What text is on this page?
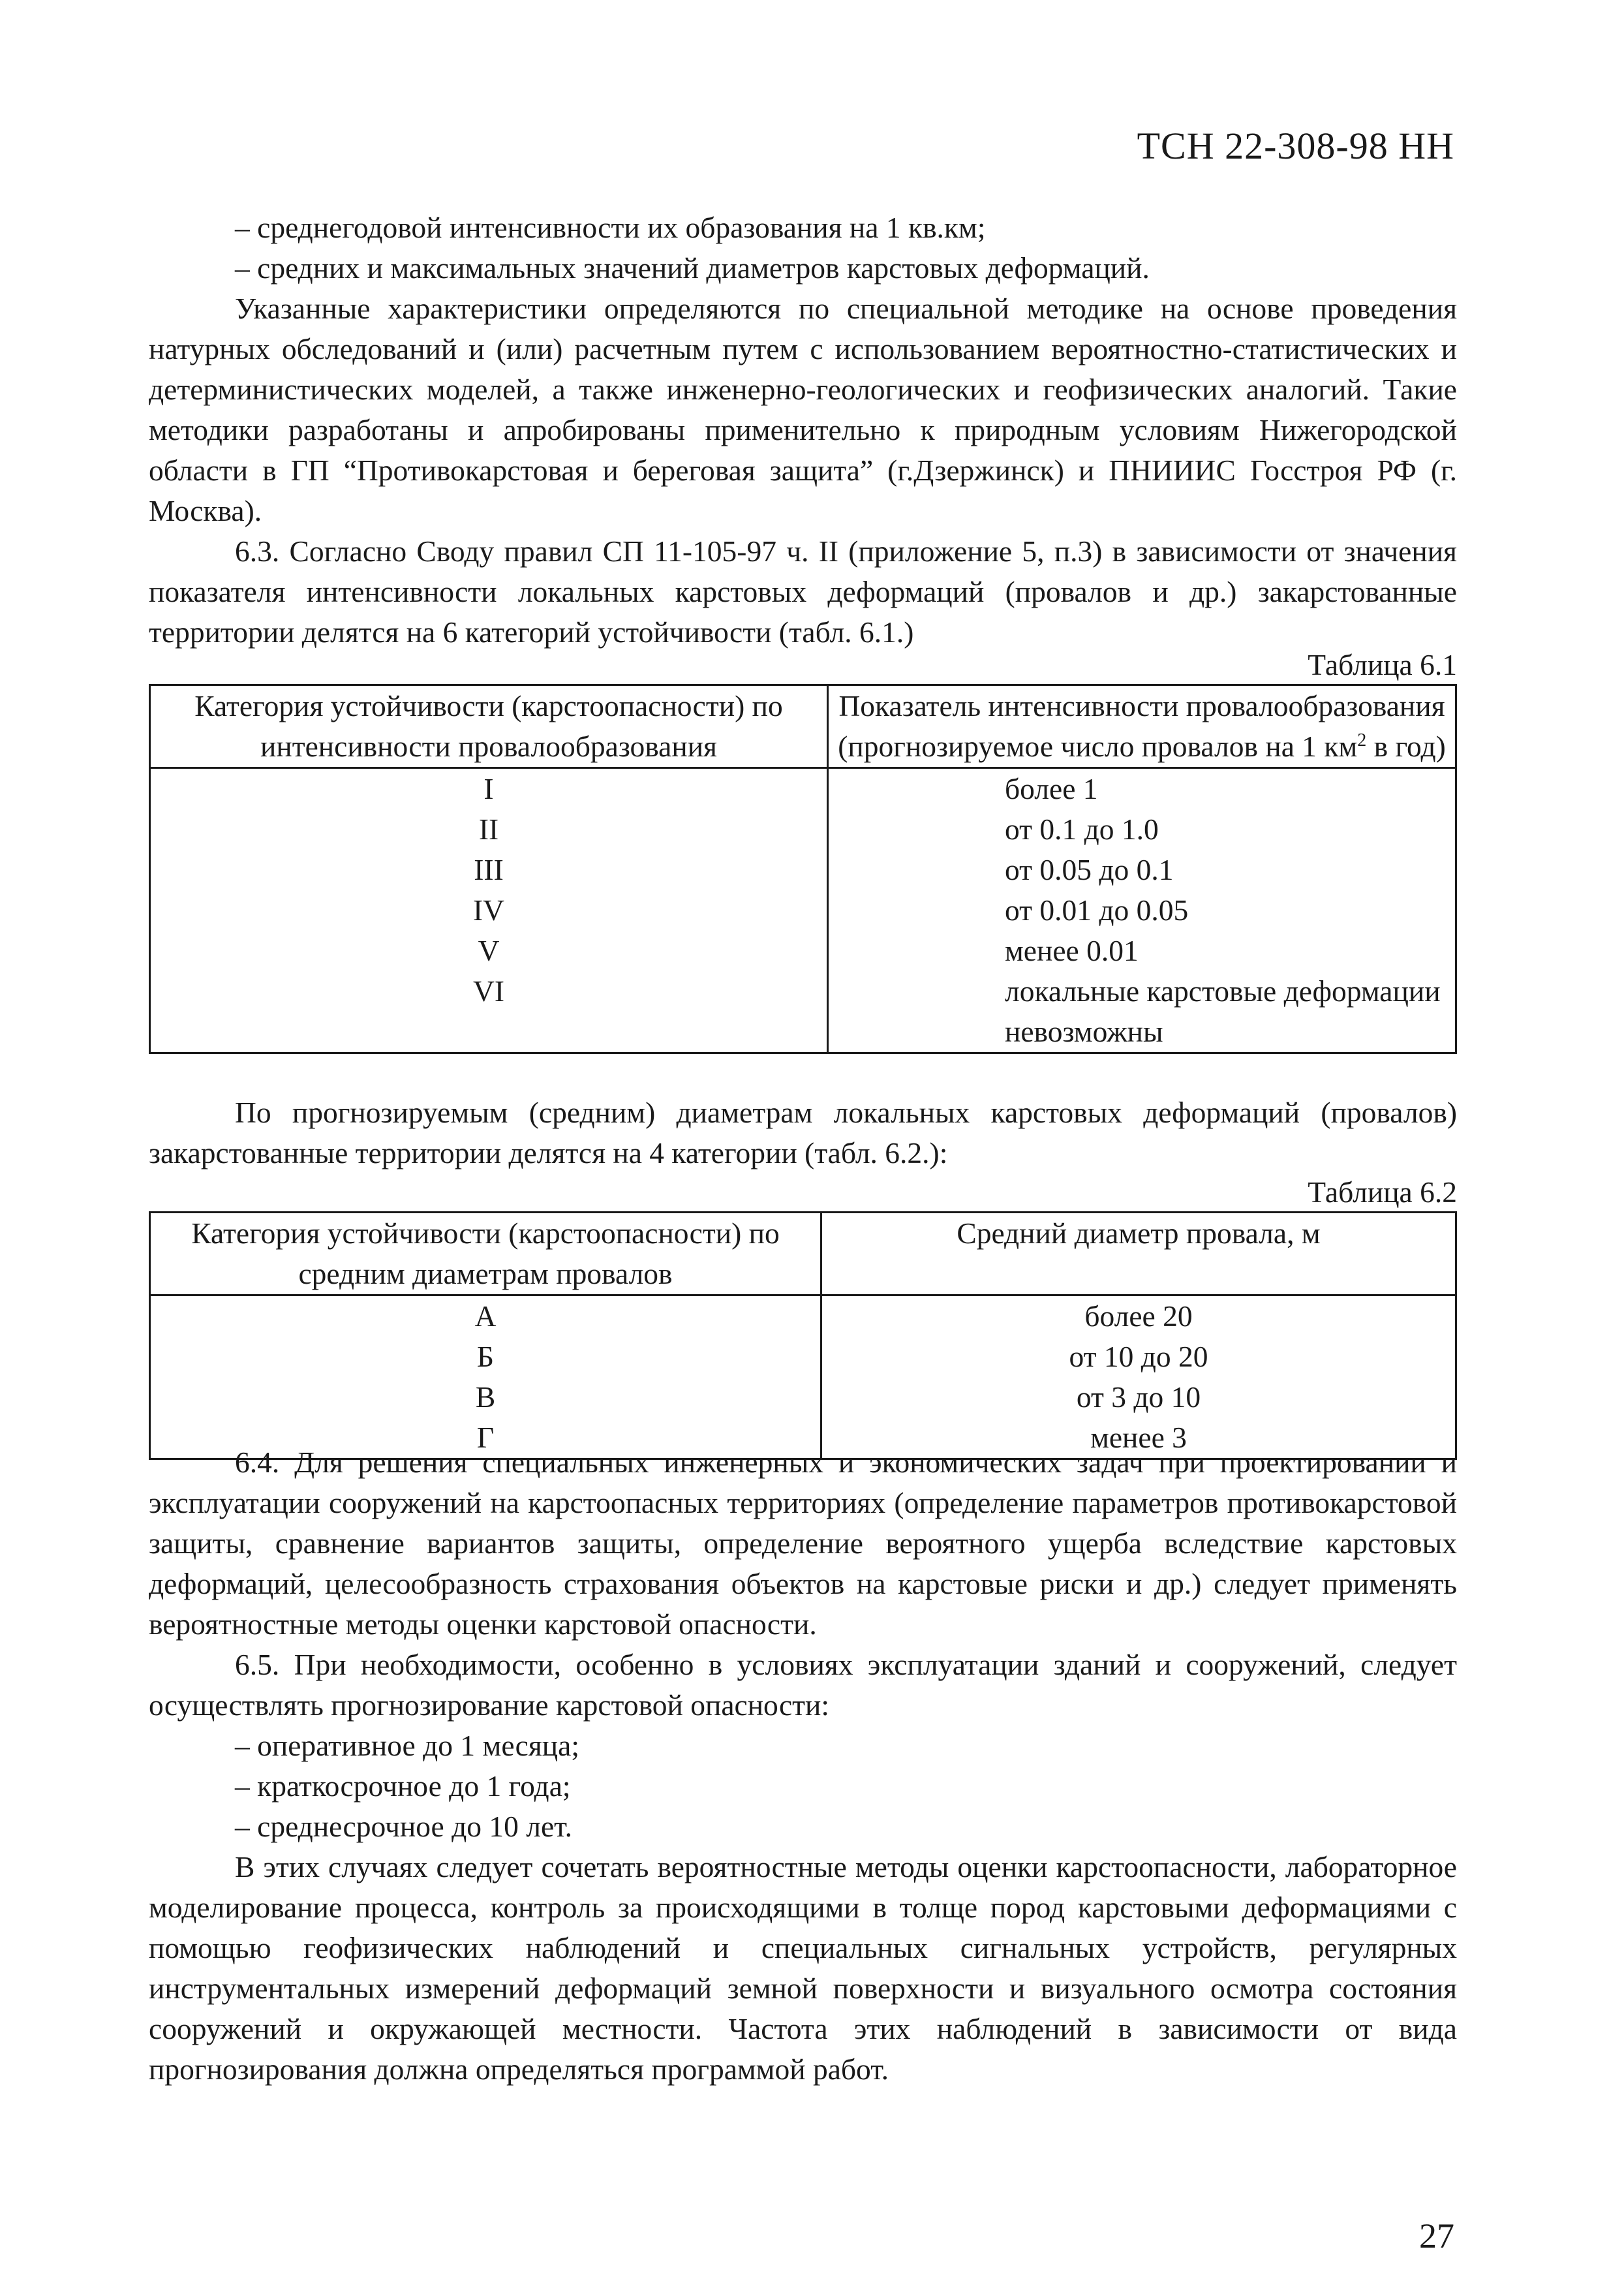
ТСН 22-308-98 НН

– среднегодовой интенсивности их образования на 1 кв.км;

– средних и максимальных значений диаметров карстовых деформаций.

Указанные характеристики определяются по специальной методике на основе проведения натурных обследований и (или) расчетным путем с использованием вероятностно-статистических и детерминистических моделей, а также инженерно-геологических и геофизических аналогий. Такие методики разработаны и апробированы применительно к природным условиям Нижегородской области в ГП “Противокарстовая и береговая защита” (г.Дзержинск) и ПНИИИС Госстроя РФ (г. Москва).

6.3. Согласно Своду правил СП 11-105-97 ч. II (приложение 5, п.3) в зависимости от значения показателя интенсивности локальных карстовых деформаций (провалов и др.) закарстованные территории делятся на 6 категорий устойчивости (табл. 6.1.)

Таблица 6.1

Категория устойчивости (карстоопасности) по интенсивности провалообразования	Показатель интенсивности провалообразования (прогнозируемое число провалов на 1 $км^2$ в год)
I	более 1
II	от 0.1 до 1.0
III	от 0.05 до 0.1
IV	от 0.01 до 0.05
V	менее 0.01
VI	локальные карстовые деформации невозможны

По прогнозируемым (средним) диаметрам локальных карстовых деформаций (провалов) закарстованные территории делятся на 4 категории (табл. 6.2.):

Таблица 6.2

Категория устойчивости (карстоопасности) по средним диаметрам провалов	Средний диаметр провала, м
А	более 20
Б	от 10 до 20
В	от 3 до 10
Г	менее 3

6.4. Для решения специальных инженерных и экономических задач при проектировании и эксплуатации сооружений на карстоопасных территориях (определение параметров противокарстовой защиты, сравнение вариантов защиты, определение вероятного ущерба вследствие карстовых деформаций, целесообразность страхования объектов на карстовые риски и др.) следует применять вероятностные методы оценки карстовой опасности.

6.5. При необходимости, особенно в условиях эксплуатации зданий и сооружений, следует осуществлять прогнозирование карстовой опасности:

– оперативное до 1 месяца;

– краткосрочное до 1 года;

– среднесрочное до 10 лет.

В этих случаях следует сочетать вероятностные методы оценки карстоопасности, лабораторное моделирование процесса, контроль за происходящими в толще пород карстовыми деформациями с помощью геофизических наблюдений и специальных сигнальных устройств, регулярных инструментальных измерений деформаций земной поверхности и визуального осмотра состояния сооружений и окружающей местности. Частота этих наблюдений в зависимости от вида прогнозирования должна определяться программой работ.

27
